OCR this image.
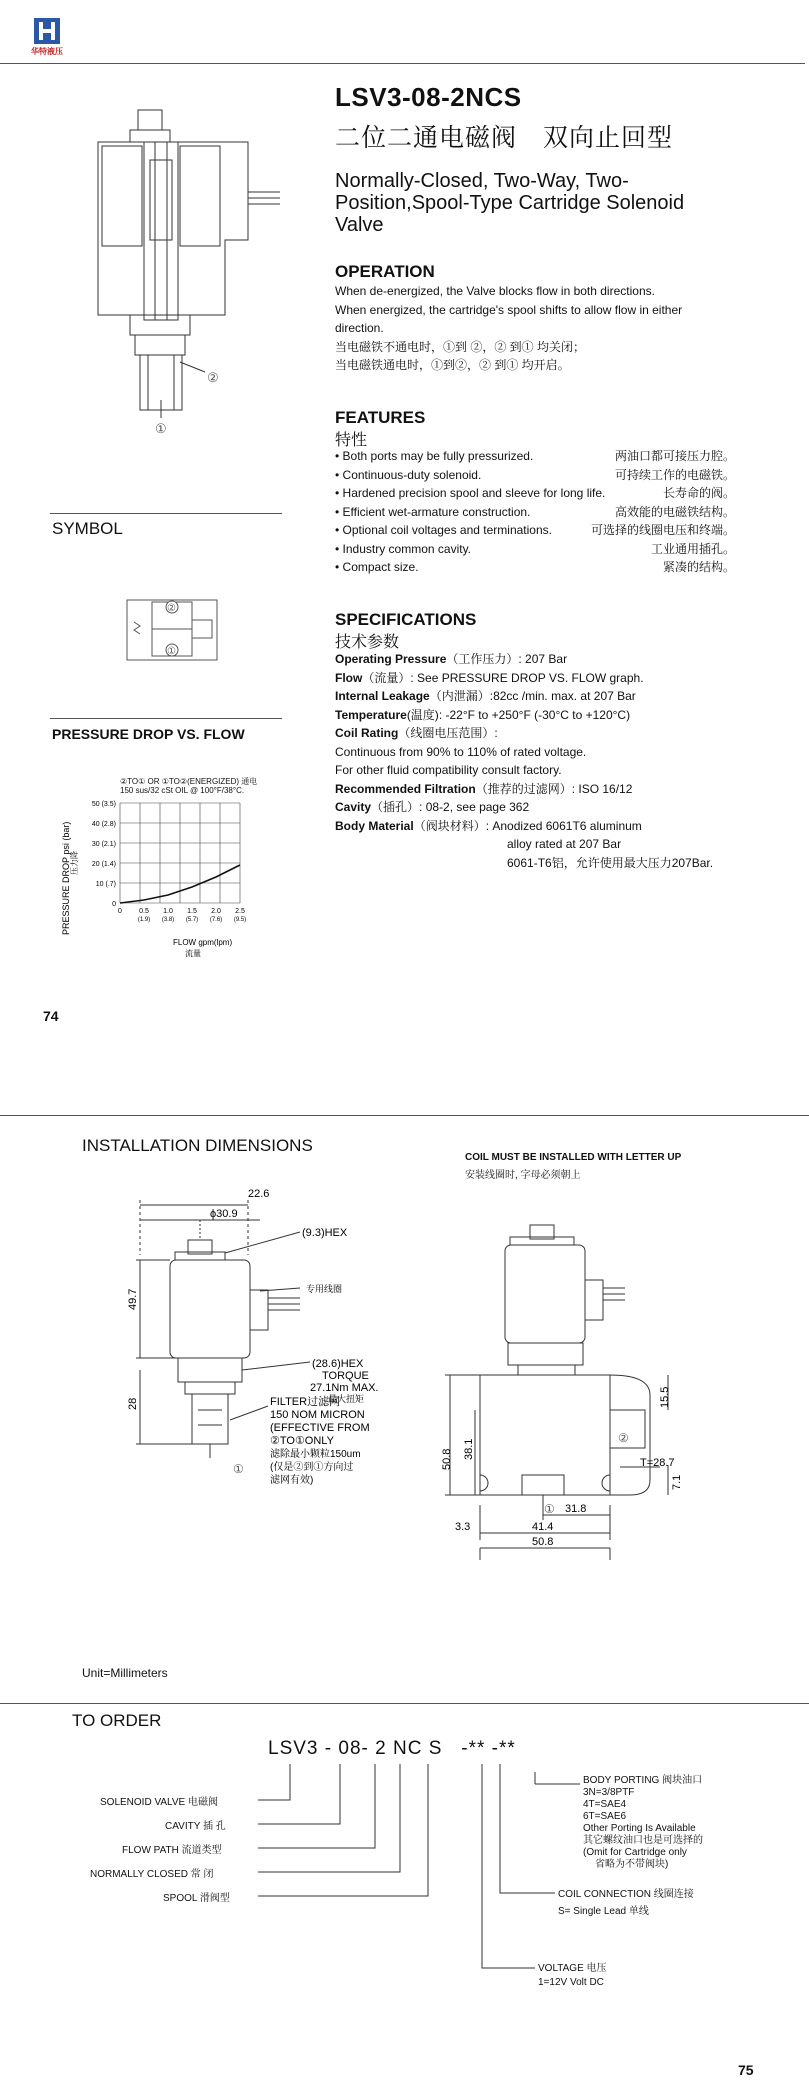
华特液压
LSV3-08-2NCS
二位二通电磁阀　双向止回型
Normally-Closed, Two-Way, Two-Position,Spool-Type Cartridge Solenoid Valve
②
①
OPERATION
When de-energized, the Valve blocks flow in both directions.
When energized, the cartridge's spool shifts to allow flow in either
direction.
当电磁铁不通电时，①到 ②，② 到① 均关闭；
当电磁铁通电时，①到②，② 到① 均开启。
FEATURES
特性
• Both ports may be fully pressurized.	两油口都可接压力腔。
• Continuous-duty solenoid.	可持续工作的电磁铁。
• Hardened precision spool and sleeve for long life.	长寿命的阀。
• Efficient wet-armature construction.	高效能的电磁铁结构。
• Optional coil voltages and terminations.	可选择的线圈电压和终端。
• Industry common cavity.	工业通用插孔。
• Compact size.	紧凑的结构。
SYMBOL
②
①
PRESSURE DROP VS. FLOW
②TO① OR ①TO②(ENERGIZED) 通电
150 sus/32 cSt OIL @ 100°F/38°C.
0
10 (.7)
20 (1.4)
30 (2.1)
40 (2.8)
50 (3.5)
0 0.5
(1.9)
1.0
(3.8)
1.5
(5.7)
2.0
(7.6)
2.5
(9.5)
PRESSURE DROP psi (bar) 压力降
FLOW gpm(lpm)
流量
74
SPECIFICATIONS
技术参数
Operating Pressure（工作压力）: 207 Bar
Flow（流量）: See PRESSURE DROP VS. FLOW graph.
Internal Leakage（内泄漏）:82cc /min. max. at 207 Bar
Temperature(温度): -22°F to +250°F (-30°C to +120°C)
Coil Rating（线圈电压范围）:
Continuous from 90% to 110% of rated voltage.
For other fluid compatibility consult factory.
Recommended Filtration（推荐的过滤网）: ISO 16/12
Cavity（插孔）: 08-2, see page 362
Body Material（阀块材料）: Anodized 6061T6 aluminum
alloy rated at 207 Bar
6061-T6铝，允许使用最大压力207Bar.
INSTALLATION DIMENSIONS
COIL MUST BE INSTALLED WITH LETTER UP
安装线圈时, 字母必须朝上
22.6
ϕ30.9
(9.3)HEX
专用线圈
49.7
(28.6)HEX
TORQUE
27.1Nm MAX.
最大扭矩
28	FILTER过滤网
150 NOM MICRON
(EFFECTIVE FROM
②TO①ONLY
滤除最小颗粒150um
(仅是②到①方向过
滤网有效)
①
15.5
50.8 38.1
T=28.7
7.1
②
① 31.8
3.3	41.4
50.8
Unit=Millimeters
TO ORDER
LSV3 - 08- 2 NC S -** -**
SOLENOID VALVE 电磁阀
CAVITY 插 孔
FLOW PATH 流道类型
NORMALLY CLOSED 常 闭
SPOOL 滑阀型
BODY PORTING 阀块油口
3N=3/8PTF
4T=SAE4
6T=SAE6
Other Porting Is Available
其它螺纹油口也是可选择的
(Omit for Cartridge only
省略为不带阀块)
COIL CONNECTION 线圈连接
S= Single Lead 单线
VOLTAGE 电压
1=12V Volt DC
75
